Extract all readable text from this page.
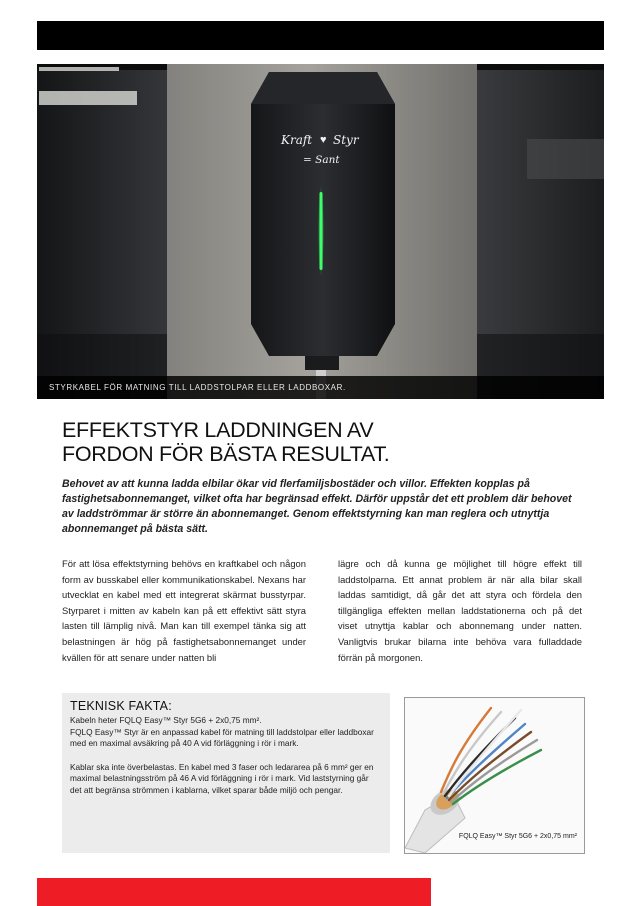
Kraft ♥ Styr
= Sant
STYRKABEL FÖR MATNING TILL LADDSTOLPAR ELLER LADDBOXAR.
EFFEKTSTYR LADDNINGEN AV
FORDON FÖR BÄSTA RESULTAT.

Behovet av att kunna ladda elbilar ökar vid flerfamiljsbostäder och villor. Effekten kopplas på fastighetsabonnemanget, vilket ofta har begränsad effekt. Därför uppstår det ett problem där behovet av laddströmmar är större än abonnemanget. Genom effektstyrning kan man reglera och utnyttja abonnemanget på bästa sätt.

För att lösa effektstyrning behövs en kraftkabel och någon form av busskabel eller kommunikationskabel. Nexans har utvecklat en kabel med ett integrerat skärmat busstyrpar. Styrparet i mitten av kabeln kan på ett effektivt sätt styra lasten till lämplig nivå. Man kan till exempel tänka sig att belastningen är hög på fastighetsabonnemanget under kvällen för att senare under natten bli

lägre och då kunna ge möjlighet till högre effekt till laddstolparna. Ett annat problem är när alla bilar skall laddas samtidigt, då går det att styra och fördela den tillgängliga effekten mellan laddstationerna och på det viset utnyttja kablar och abonnemang under natten. Vanligtvis brukar bilarna inte behöva vara fulladdade förrän på morgonen.

TEKNISK FAKTA:

Kabeln heter FQLQ Easy™ Styr 5G6 + 2x0,75 mm².

FQLQ Easy™ Styr är en anpassad kabel för matning till laddstolpar eller laddboxar med en maximal avsäkring på 40 A vid förläggning i rör i mark.

Kablar ska inte överbelastas. En kabel med 3 faser och ledararea på 6 mm² ger en maximal belastningsström på 46 A vid förläggning i rör i mark. Vid laststyrning går det att begränsa strömmen i kablarna, vilket sparar både miljö och pengar.

FQLQ Easy™ Styr 5G6 + 2x0,75 mm²
